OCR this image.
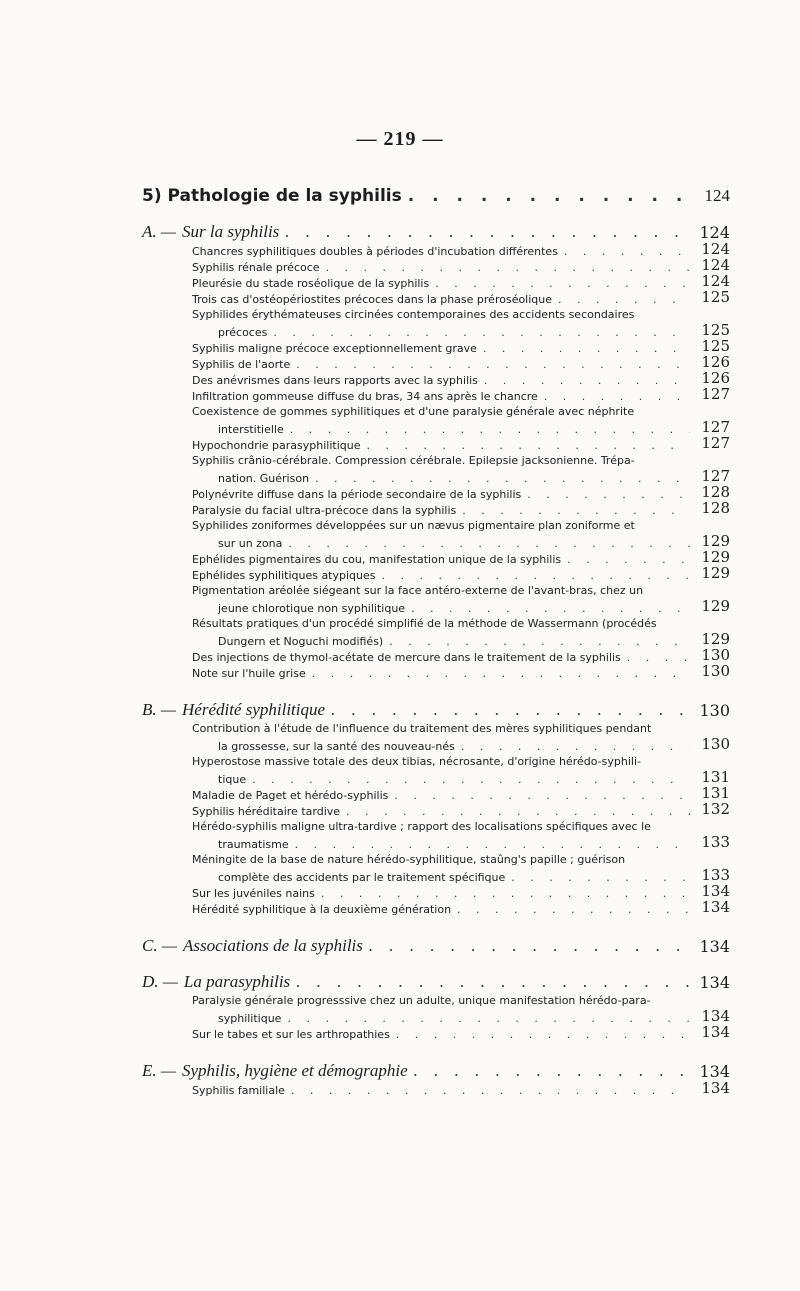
— 219 —
5) Pathologie de la syphilis . . .	124
A. — Sur la syphilis . . .	124
Chancres syphilitiques doubles à périodes d'incubation différentes . . .	124
Syphilis rénale précoce . . .	124
Pleurésie du stade roséolique de la syphilis . . .	124
Trois cas d'ostéopériostites précoces dans la phase préroséolique . . .	125
Syphilides érythémateuses circinées contemporaines des accidents secondaires
précoces . . .	125
Syphilis maligne précoce exceptionnellement grave . . .	125
Syphilis de l'aorte . . .	126
Des anévrismes dans leurs rapports avec la syphilis . . .	126
Infiltration gommeuse diffuse du bras, 34 ans après le chancre . . .	127
Coexistence de gommes syphilitiques et d'une paralysie générale avec néphrite
interstitielle . . .	127
Hypochondrie parasyphilitique . . .	127
Syphilis crânio-cérébrale. Compression cérébrale. Epilepsie jacksonienne. Trépa-
nation. Guérison . . .	127
Polynévrite diffuse dans la période secondaire de la syphilis . . .	128
Paralysie du facial ultra-précoce dans la syphilis . . .	128
Syphilides zoniformes développées sur un nævus pigmentaire plan zoniforme et
sur un zona . . .	129
Ephélides pigmentaires du cou, manifestation unique de la syphilis . . .	129
Ephélides syphilitiques atypiques . . .	129
Pigmentation aréolée siégeant sur la face antéro-externe de l'avant-bras, chez un
jeune chlorotique non syphilitique . . .	129
Résultats pratiques d'un procédé simplifié de la méthode de Wassermann (procédés
Dungern et Noguchi modifiés) . . .	129
Des injections de thymol-acétate de mercure dans le traitement de la syphilis . . .	130
Note sur l'huile grise . . .	130
B. — Hérédité syphilitique . . .	130
Contribution à l'étude de l'influence du traitement des mères syphilitiques pendant
la grossesse, sur la santé des nouveau-nés . . .	130
Hyperostose massive totale des deux tibias, nécrosante, d'origine hérédo-syphili-
tique . . .	131
Maladie de Paget et hérédo-syphilis . . .	131
Syphilis héréditaire tardive . . .	132
Hérédo-syphilis maligne ultra-tardive ; rapport des localisations spécifiques avec le
traumatisme . . .	133
Méningite de la base de nature hérédo-syphilitique, staûng's papille ; guérison
complète des accidents par le traitement spécifique . . .	133
Sur les juvéniles nains . . .	134
Hérédité syphilitique à la deuxième génération . . .	134
C. — Associations de la syphilis . . .	134
D. — La parasyphilis . . .	134
Paralysie générale progresssive chez un adulte, unique manifestation hérédo-para-
syphilitique . . .	134
Sur le tabes et sur les arthropathies . . .	134
E. — Syphilis, hygiène et démographie . . .	134
Syphilis familiale . . .	134
